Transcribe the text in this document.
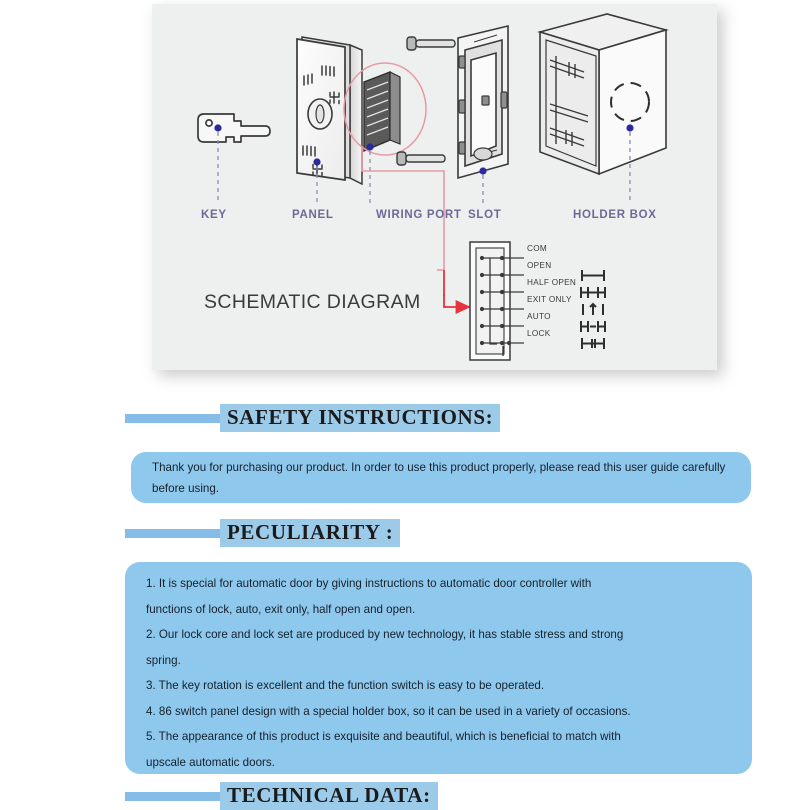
KEY	PANEL	WIRING PORT SLOT	HOLDER BOX
SCHEMATIC DIAGRAM
COM
OPEN
HALF OPEN
EXIT ONLY
AUTO
LOCK
SAFETY INSTRUCTIONS:

Thank you for purchasing our product. In order to use this product properly, please read this user guide carefully before using.

PECULIARITY :

1. It is special for automatic door by giving instructions to automatic door controller with

functions of lock, auto, exit only, half open and open.

2. Our lock core and lock set are produced by new technology, it has stable stress and strong

spring.

3. The key rotation is excellent and the function switch is easy to be operated.

4. 86 switch panel design with a special holder box, so it can be used in a variety of occasions.

5. The appearance of this product is exquisite and beautiful, which is beneficial to match with

upscale automatic doors.

TECHNICAL DATA:
